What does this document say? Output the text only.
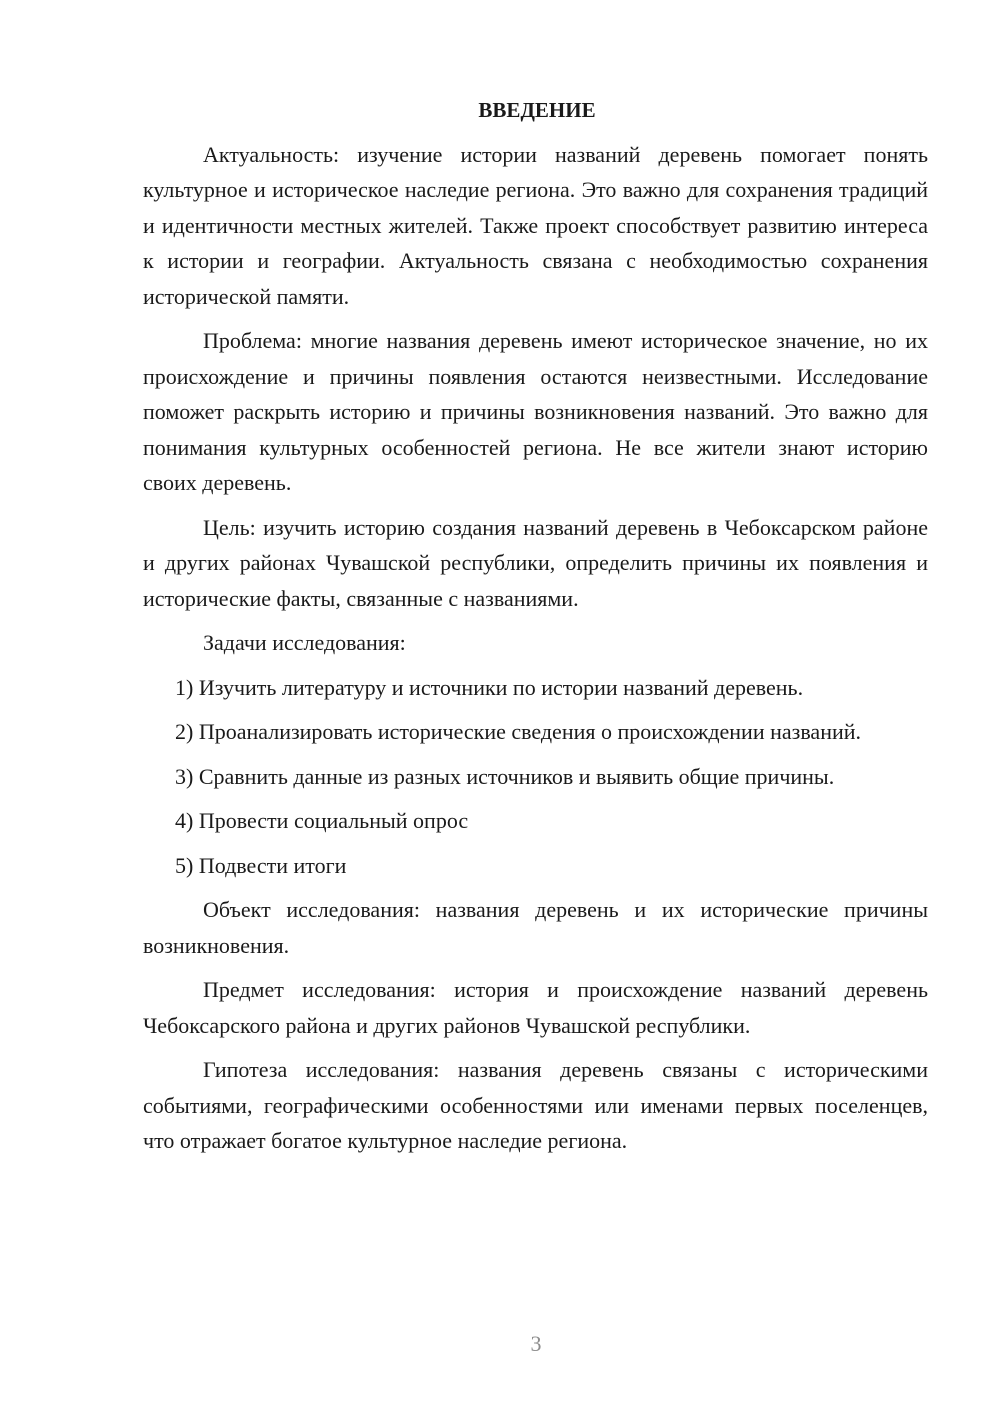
ВВЕДЕНИЕ

Актуальность: изучение истории названий деревень помогает понять культурное и историческое наследие региона. Это важно для сохранения традиций и идентичности местных жителей. Также проект способствует развитию интереса к истории и географии. Актуальность связана с необходимостью сохранения исторической памяти.

Проблема: многие названия деревень имеют историческое значение, но их происхождение и причины появления остаются неизвестными. Исследование поможет раскрыть историю и причины возникновения названий. Это важно для понимания культурных особенностей региона. Не все жители знают историю своих деревень.

Цель: изучить историю создания названий деревень в Чебоксарском районе и других районах Чувашской республики, определить причины их появления и исторические факты, связанные с названиями.

Задачи исследования:

1) Изучить литературу и источники по истории названий деревень.

2) Проанализировать исторические сведения о происхождении названий.

3) Сравнить данные из разных источников и выявить общие причины.

4) Провести социальный опрос

5) Подвести итоги

Объект исследования: названия деревень и их исторические причины возникновения.

Предмет исследования: история и происхождение названий деревень Чебоксарского района и других районов Чувашской республики.

Гипотеза исследования: названия деревень связаны с историческими событиями, географическими особенностями или именами первых поселенцев, что отражает богатое культурное наследие региона.

3
